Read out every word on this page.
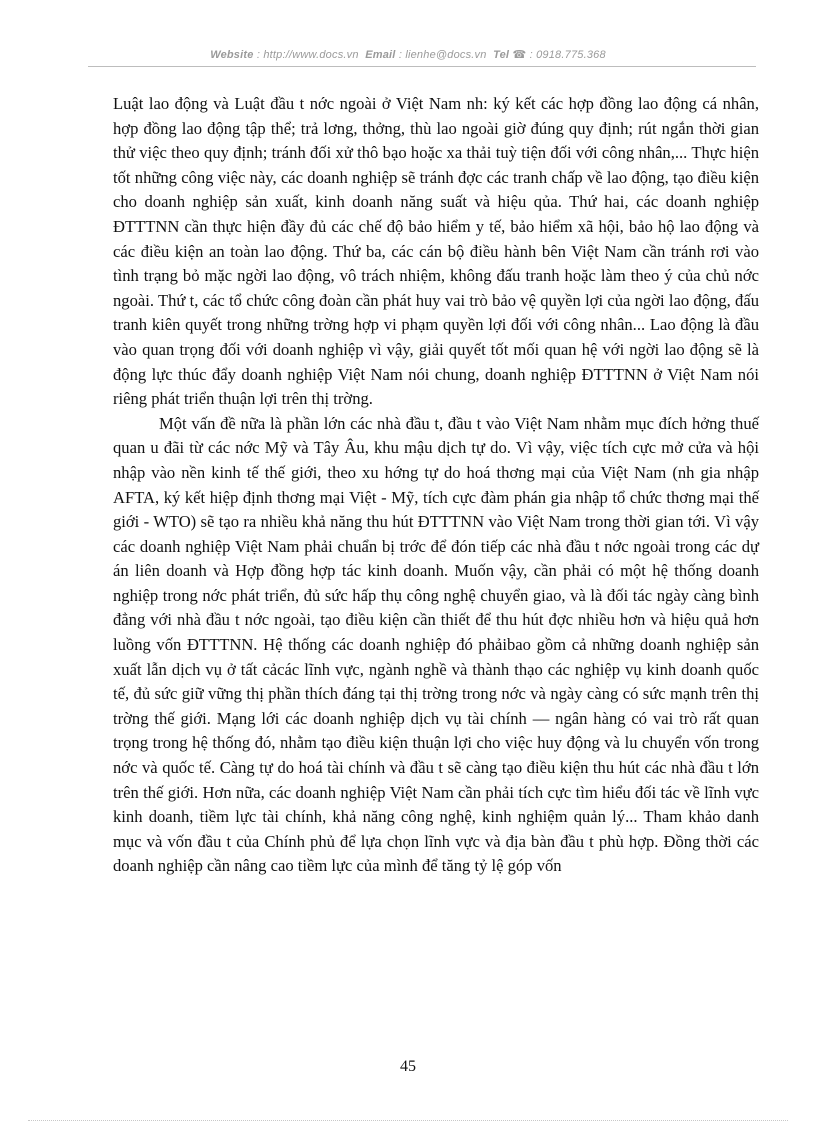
Website : http://www.docs.vn Email : lienhe@docs.vn Tel ☎ : 0918.775.368

Luật lao động và Luật đầu t nớc ngoài ở Việt Nam nh: ký kết các hợp đồng lao động cá nhân, hợp đồng lao động tập thể; trả lơng, thởng, thù lao ngoài giờ đúng quy định; rút ngắn thời gian thử việc theo quy định; tránh đối xử thô bạo hoặc xa thải tuỳ tiện đối với công nhân,... Thực hiện tốt những công việc này, các doanh nghiệp sẽ tránh đợc các tranh chấp về lao động, tạo điều kiện cho doanh nghiệp sản xuất, kinh doanh năng suất và hiệu qủa. Thứ hai, các doanh nghiệp ĐTTTNN cần thực hiện đầy đủ các chế độ bảo hiểm y tế, bảo hiểm xã hội, bảo hộ lao động và các điều kiện an toàn lao động. Thứ ba, các cán bộ điều hành bên Việt Nam cần tránh rơi vào tình trạng bỏ mặc ngời lao động, vô trách nhiệm, không đấu tranh hoặc làm theo ý của chủ nớc ngoài. Thứ t, các tổ chức công đoàn cần phát huy vai trò bảo vệ quyền lợi của ngời lao động, đấu tranh kiên quyết trong những trờng hợp vi phạm quyền lợi đối với công nhân... Lao động là đầu vào quan trọng đối với doanh nghiệp vì vậy, giải quyết tốt mối quan hệ với ngời lao động sẽ là động lực thúc đẩy doanh nghiệp Việt Nam nói chung, doanh nghiệp ĐTTTNN ở Việt Nam nói riêng phát triển thuận lợi trên thị trờng.

Một vấn đề nữa là phần lớn các nhà đầu t, đầu t vào Việt Nam nhằm mục đích hởng thuế quan u đãi từ các nớc Mỹ và Tây Âu, khu mậu dịch tự do. Vì vậy, việc tích cực mở cửa và hội nhập vào nền kinh tế thế giới, theo xu hớng tự do hoá thơng mại của Việt Nam (nh gia nhập AFTA, ký kết hiệp định thơng mại Việt - Mỹ, tích cực đàm phán gia nhập tổ chức thơng mại thế giới - WTO) sẽ tạo ra nhiều khả năng thu hút ĐTTTNN vào Việt Nam trong thời gian tới. Vì vậy các doanh nghiệp Việt Nam phải chuẩn bị trớc để đón tiếp các nhà đầu t nớc ngoài trong các dự án liên doanh và Hợp đồng hợp tác kinh doanh. Muốn vậy, cần phải có một hệ thống doanh nghiệp trong nớc phát triển, đủ sức hấp thụ công nghệ chuyển giao, và là đối tác ngày càng bình đẳng với nhà đầu t nớc ngoài, tạo điều kiện cần thiết để thu hút đợc nhiều hơn và hiệu quả hơn luồng vốn ĐTTTNN. Hệ thống các doanh nghiệp đó phảibao gồm cả những doanh nghiệp sản xuất lẫn dịch vụ ở tất cảcác lĩnh vực, ngành nghề và thành thạo các nghiệp vụ kinh doanh quốc tế, đủ sức giữ vững thị phần thích đáng tại thị trờng trong nớc và ngày càng có sức mạnh trên thị trờng thế giới. Mạng lới các doanh nghiệp dịch vụ tài chính — ngân hàng có vai trò rất quan trọng trong hệ thống đó, nhằm tạo điều kiện thuận lợi cho việc huy động và lu chuyển vốn trong nớc và quốc tế. Càng tự do hoá tài chính và đầu t sẽ càng tạo điều kiện thu hút các nhà đầu t lớn trên thế giới. Hơn nữa, các doanh nghiệp Việt Nam cần phải tích cực tìm hiểu đối tác về lĩnh vực kinh doanh, tiềm lực tài chính, khả năng công nghệ, kinh nghiệm quản lý... Tham khảo danh mục và vốn đầu t của Chính phủ để lựa chọn lĩnh vực và địa bàn đầu t phù hợp. Đồng thời các doanh nghiệp cần nâng cao tiềm lực của mình để tăng tỷ lệ góp vốn

45
